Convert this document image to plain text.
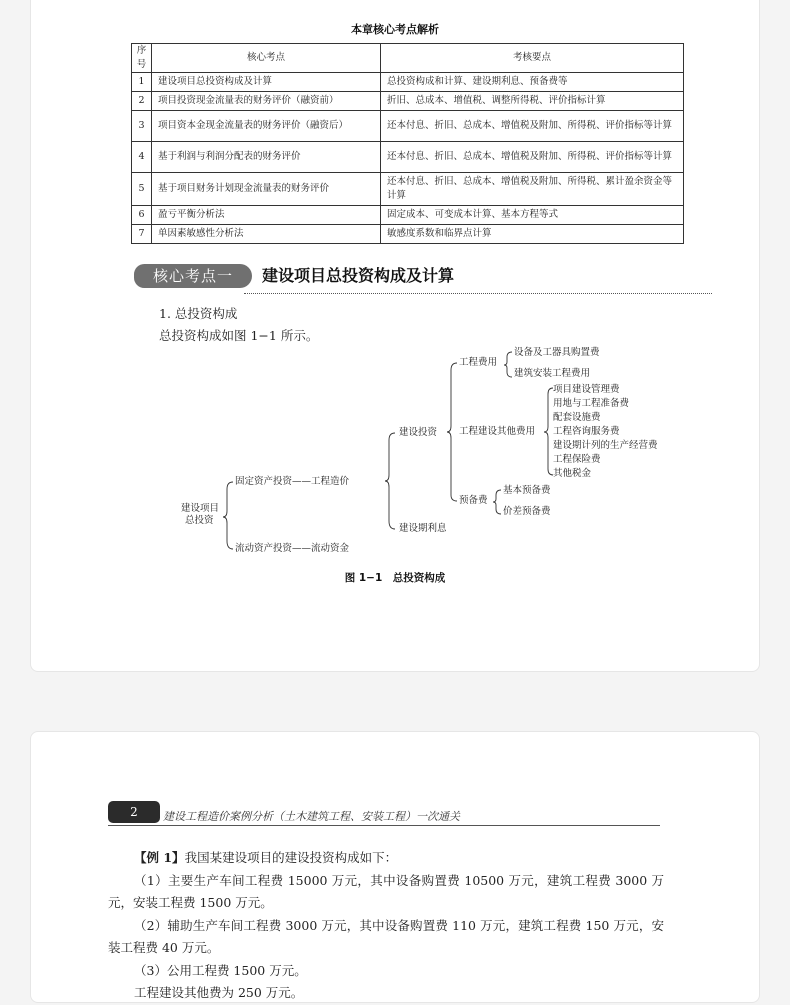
本章核心考点解析
序号	核心考点	考核要点
1	建设项目总投资构成及计算	总投资构成和计算、建设期利息、预备费等
2	项目投资现金流量表的财务评价（融资前）	折旧、总成本、增值税、调整所得税、评价指标计算
3	项目资本金现金流量表的财务评价（融资后）	还本付息、折旧、总成本、增值税及附加、所得税、评价指标等计算
4	基于利润与利润分配表的财务评价	还本付息、折旧、总成本、增值税及附加、所得税、评价指标等计算
5	基于项目财务计划现金流量表的财务评价	还本付息、折旧、总成本、增值税及附加、所得税、累计盈余资金等计算
6	盈亏平衡分析法	固定成本、可变成本计算、基本方程等式
7	单因素敏感性分析法	敏感度系数和临界点计算
核心考点一	建设项目总投资构成及计算
1. 总投资构成
总投资构成如图 1−1 所示。
建设项目
总投资
固定资产投资——工程造价
流动资产投资——流动资金
建设投资
建设期利息
工程费用
工程建设其他费用
预备费
设备及工器具购置费
建筑安装工程费用
项目建设管理费
用地与工程准备费
配套设施费
工程咨询服务费
建设期计列的生产经营费
工程保险费
其他税金
基本预备费
价差预备费
图 1−1　总投资构成
2	建设工程造价案例分析（土木建筑工程、安装工程）一次通关

【例 1】我国某建设项目的建设投资构成如下：

（1）主要生产车间工程费 15000 万元，其中设备购置费 10500 万元，建筑工程费 3000 万元，安装工程费 1500 万元。

（2）辅助生产车间工程费 3000 万元，其中设备购置费 110 万元，建筑工程费 150 万元，安装工程费 40 万元。

（3）公用工程费 1500 万元。

工程建设其他费为 250 万元。
